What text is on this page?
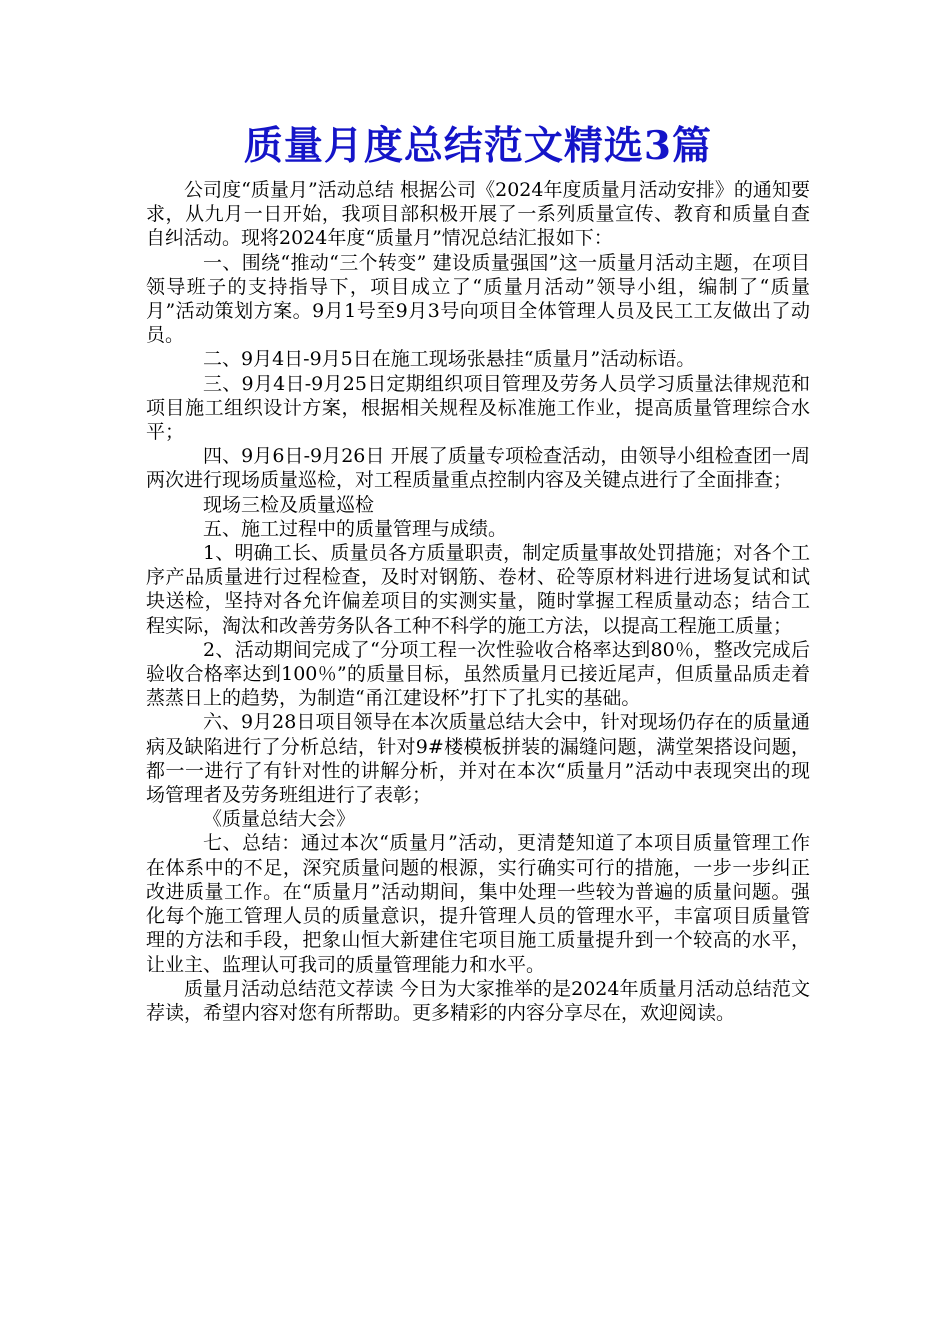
质量月度总结范文精选3篇

公司度“质量月”活动总结 根据公司《2024年度质量月活动安排》的通知要求，从九月一日开始，我项目部积极开展了一系列质量宣传、教育和质量自查自纠活动。现将2024年度“质量月”情况总结汇报如下：

一、围绕“推动“三个转变” 建设质量强国”这一质量月活动主题，在项目领导班子的支持指导下，项目成立了“质量月活动”领导小组，编制了“质量月”活动策划方案。9月1号至9月3号向项目全体管理人员及民工工友做出了动员。

二、9月4日-9月5日在施工现场张悬挂“质量月”活动标语。

三、9月4日-9月25日定期组织项目管理及劳务人员学习质量法律规范和项目施工组织设计方案，根据相关规程及标准施工作业，提高质量管理综合水平；

四、9月6日-9月26日 开展了质量专项检查活动，由领导小组检查团一周两次进行现场质量巡检，对工程质量重点控制内容及关键点进行了全面排查；

现场三检及质量巡检

五、施工过程中的质量管理与成绩。

1、明确工长、质量员各方质量职责，制定质量事故处罚措施；对各个工序产品质量进行过程检查，及时对钢筋、卷材、砼等原材料进行进场复试和试块送检，坚持对各允许偏差项目的实测实量，随时掌握工程质量动态；结合工程实际，淘汰和改善劳务队各工种不科学的施工方法，以提高工程施工质量；

2、活动期间完成了“分项工程一次性验收合格率达到80％，整改完成后验收合格率达到100％”的质量目标，虽然质量月已接近尾声，但质量品质走着蒸蒸日上的趋势，为制造“甬江建设杯”打下了扎实的基础。

六、9月28日项目领导在本次质量总结大会中，针对现场仍存在的质量通病及缺陷进行了分析总结，针对9#楼模板拼装的漏缝问题，满堂架搭设问题，都一一进行了有针对性的讲解分析，并对在本次“质量月”活动中表现突出的现场管理者及劳务班组进行了表彰；

《质量总结大会》

七、总结：通过本次“质量月”活动，更清楚知道了本项目质量管理工作在体系中的不足，深究质量问题的根源，实行确实可行的措施，一步一步纠正改进质量工作。在“质量月”活动期间，集中处理一些较为普遍的质量问题。强化每个施工管理人员的质量意识，提升管理人员的管理水平，丰富项目质量管理的方法和手段，把象山恒大新建住宅项目施工质量提升到一个较高的水平，让业主、监理认可我司的质量管理能力和水平。

质量月活动总结范文荐读 今日为大家推举的是2024年质量月活动总结范文荐读，希望内容对您有所帮助。更多精彩的内容分享尽在，欢迎阅读。
